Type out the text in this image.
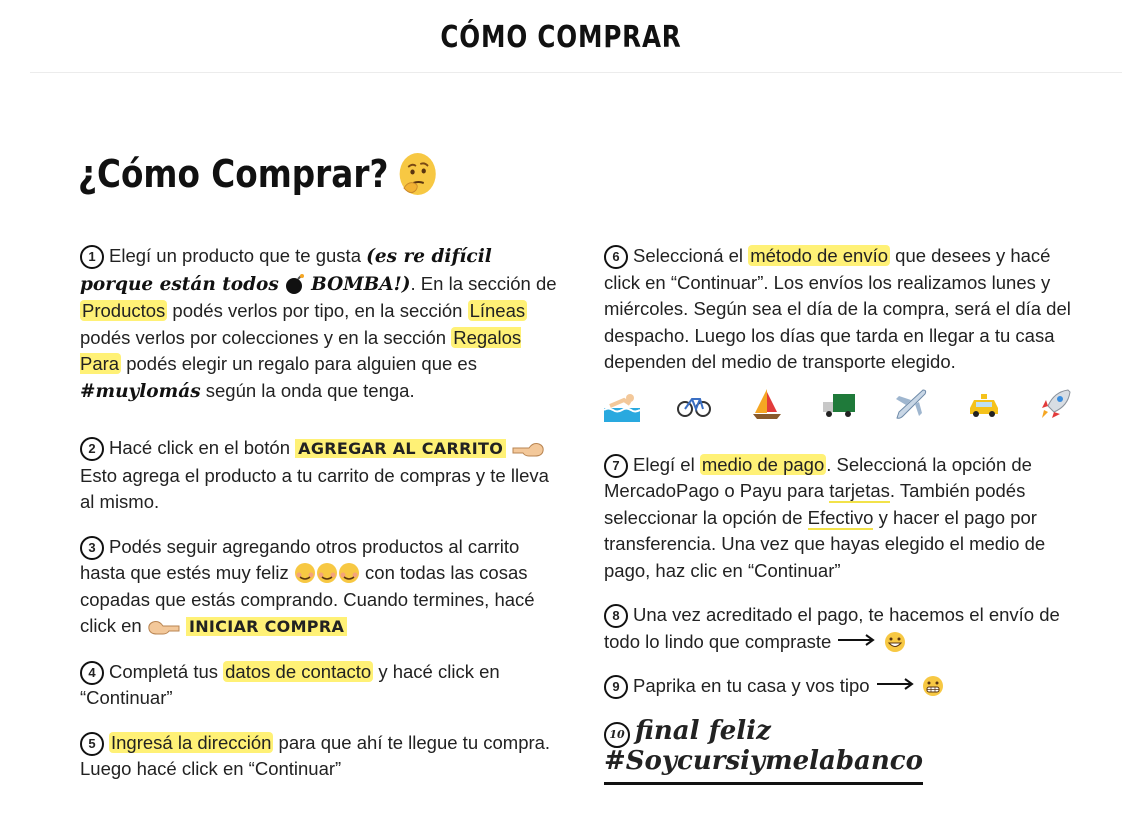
CÓMO COMPRAR
¿Cómo Comprar?
1 Elegí un producto que te gusta (es re difícil porque están todos BOMBA!). En la sección de Productos podés verlos por tipo, en la sección Líneas podés verlos por colecciones y en la sección Regalos Para podés elegir un regalo para alguien que es #muylomás según la onda que tenga.
2 Hacé click en el botón AGREGAR AL CARRITO
Esto agrega el producto a tu carrito de compras y te lleva al mismo.
3 Podés seguir agregando otros productos al carrito hasta que estés muy feliz	con todas las cosas copadas que estás comprando. Cuando termines, hacé click en	INICIAR COMPRA
4 Completá tus datos de contacto y hacé click en “Continuar”
5 Ingresá la dirección para que ahí te llegue tu compra. Luego hacé click en “Continuar”
6 Seleccioná el método de envío que desees y hacé click en “Continuar”. Los envíos los realizamos lunes y miércoles. Según sea el día de la compra, será el día del despacho. Luego los días que tarda en llegar a tu casa dependen del medio de transporte elegido.
7 Elegí el medio de pago . Seleccioná la opción de MercadoPago o Payu para tarjetas. También podés seleccionar la opción de Efectivo y hacer el pago por transferencia. Una vez que hayas elegido el medio de pago, haz clic en “Continuar”
8 Una vez acreditado el pago, te hacemos el envío de todo lo lindo que compraste
9 Paprika en tu casa y vos tipo
10 final feliz #Soycursiymelabanco
